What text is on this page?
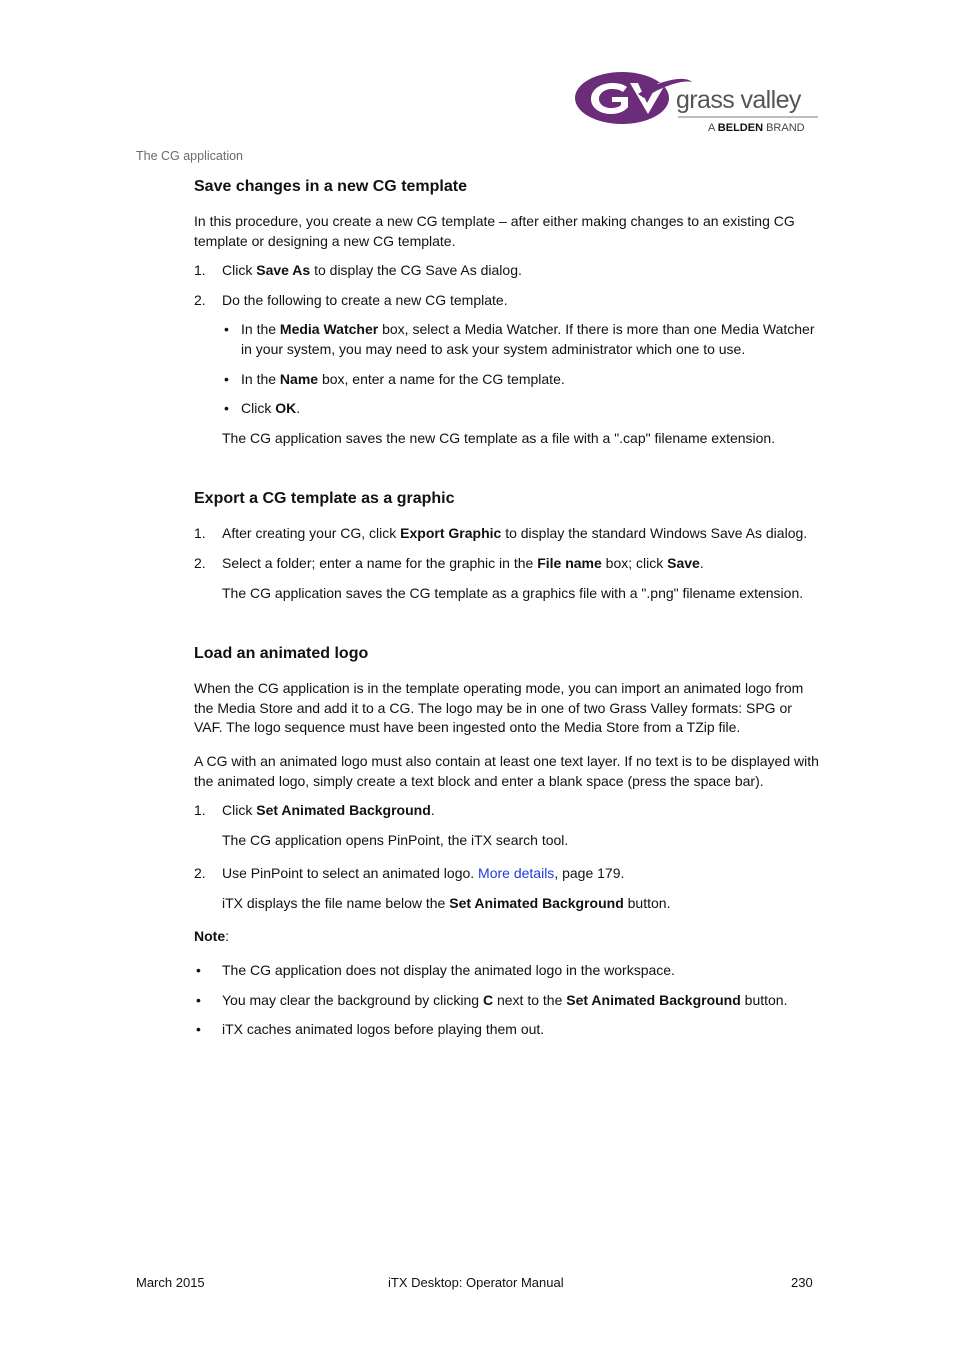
grass valley
A BELDEN BRAND
The CG application
Save changes in a new CG template

In this procedure, you create a new CG template – after either making changes to an existing CG template or designing a new CG template.

1. Click Save As to display the CG Save As dialog.
2. Do the following to create a new CG template.
• In the Media Watcher box, select a Media Watcher. If there is more than one Media Watcher in your system, you may need to ask your system administrator which one to use.
• In the Name box, enter a name for the CG template.
• Click OK.

The CG application saves the new CG template as a file with a ".cap" filename extension.

Export a CG template as a graphic
1. After creating your CG, click Export Graphic to display the standard Windows Save As dialog.
2. Select a folder; enter a name for the graphic in the File name box; click Save.

The CG application saves the CG template as a graphics file with a ".png" filename extension.

Load an animated logo

When the CG application is in the template operating mode, you can import an animated logo from the Media Store and add it to a CG. The logo may be in one of two Grass Valley formats: SPG or VAF. The logo sequence must have been ingested onto the Media Store from a TZip file.

A CG with an animated logo must also contain at least one text layer. If no text is to be displayed with the animated logo, simply create a text block and enter a blank space (press the space bar).

1. Click Set Animated Background.

The CG application opens PinPoint, the iTX search tool.

2. Use PinPoint to select an animated logo. More details, page 179.

iTX displays the file name below the Set Animated Background button.

Note:

• The CG application does not display the animated logo in the workspace.
• You may clear the background by clicking C next to the Set Animated Background button.
• iTX caches animated logos before playing them out.
March 2015	iTX Desktop: Operator Manual	230
